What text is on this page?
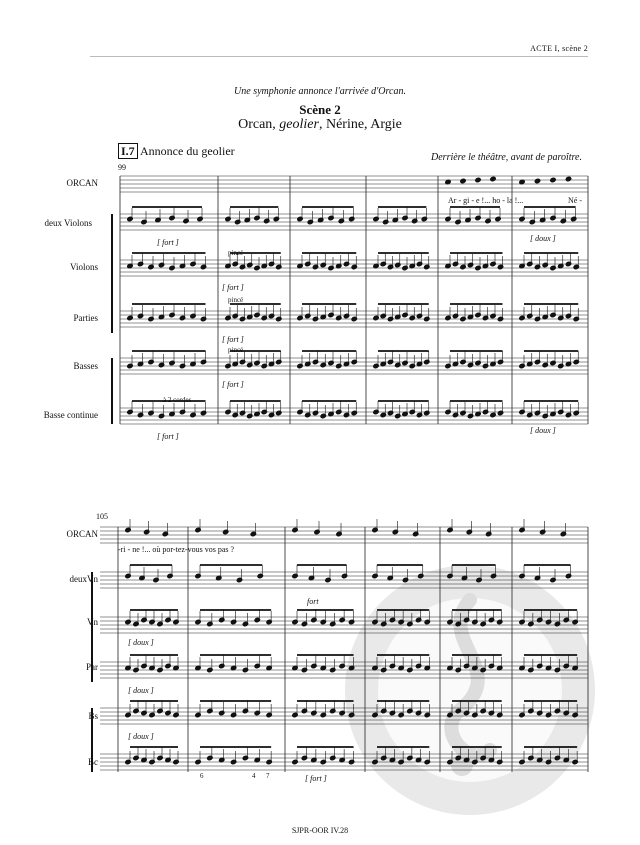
ACTE I, scène 2
Une symphonie annonce l'arrivée d'Orcan.
Scène 2
Orcan, geolier, Nérine, Argie
I.7 Annonce du geolier	Derrière le théâtre, avant de paroître.
99
ORCAN
deux Violons
Violons
Parties
Basses
Basse continue
Ar - gi - e !... ho - la !...	Né -
[ fort ]
pincé
[ fort ]
pincé
[ fort ]
pincé
[ fort ]
à 2 cordes
[ fort ]
[ doux ]
[ doux ]
105
ORCAN
deuxVn
Vn
Par
Bs
Bc
-ri - ne !... où por-tez-vous vos pas ?
[ doux ]
[ doux ]
[ doux ]
fort
[ fort ]
6	4 7
SJPR-OOR IV.28
